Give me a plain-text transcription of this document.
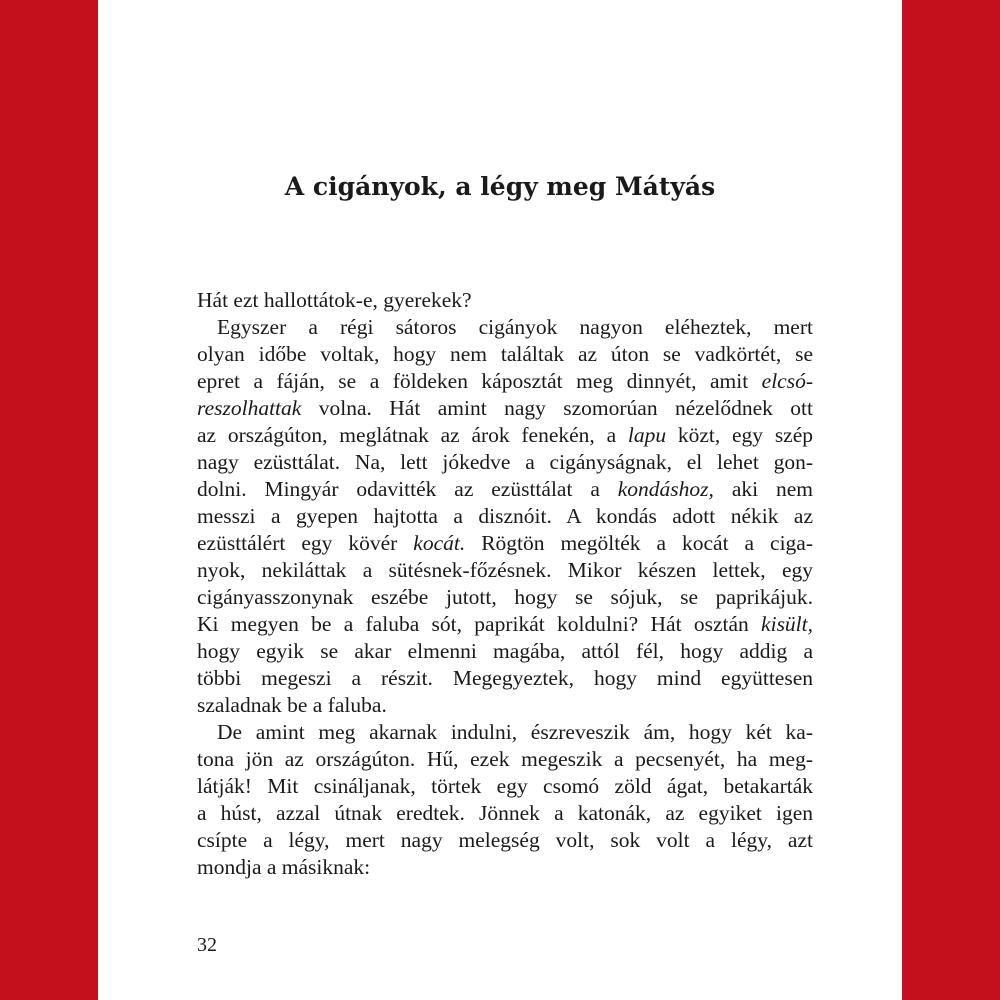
A cigányok, a légy meg Mátyás
Hát ezt hallottátok-e, gyerekek?
Egyszer a régi sátoros cigányok nagyon eléheztek, mert
olyan időbe voltak, hogy nem találtak az úton se vadkörtét, se
epret a fáján, se a földeken káposztát meg dinnyét, amit elcsó-
reszolhattak volna. Hát amint nagy szomorúan nézelődnek ott
az országúton, meglátnak az árok fenekén, a lapu közt, egy szép
nagy ezüsttálat. Na, lett jókedve a cigányságnak, el lehet gon-
dolni. Mingyár odavitték az ezüsttálat a kondáshoz, aki nem
messzi a gyepen hajtotta a disznóit. A kondás adott nékik az
ezüsttálért egy kövér kocát. Rögtön megölték a kocát a ciga-
nyok, nekiláttak a sütésnek-főzésnek. Mikor készen lettek, egy
cigányasszonynak eszébe jutott, hogy se sójuk, se paprikájuk.
Ki megyen be a faluba sót, paprikát koldulni? Hát osztán kisült,
hogy egyik se akar elmenni magába, attól fél, hogy addig a
többi megeszi a részit. Megegyeztek, hogy mind együttesen
szaladnak be a faluba.
De amint meg akarnak indulni, észreveszik ám, hogy két ka-
tona jön az országúton. Hű, ezek megeszik a pecsenyét, ha meg-
látják! Mit csináljanak, törtek egy csomó zöld ágat, betakarták
a húst, azzal útnak eredtek. Jönnek a katonák, az egyiket igen
csípte a légy, mert nagy melegség volt, sok volt a légy, azt
mondja a másiknak:
32
